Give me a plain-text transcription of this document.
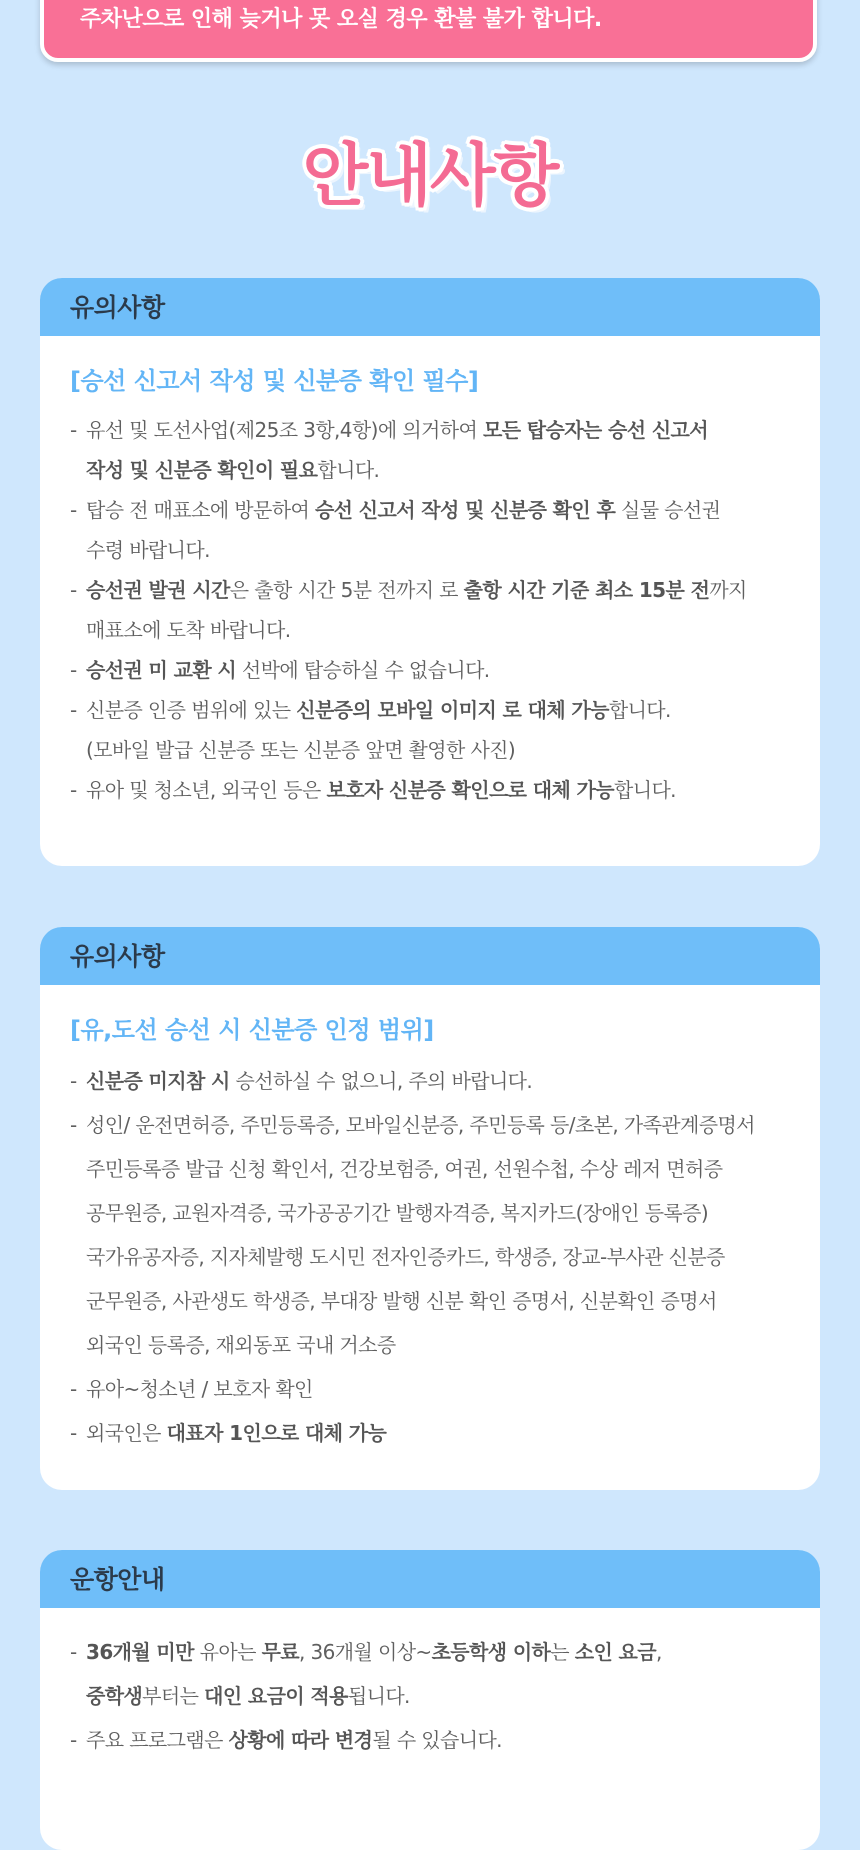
주차난으로 인해 늦거나 못 오실 경우 환불 불가 합니다.
안내사항
유의사항
[승선 신고서 작성 및 신분증 확인 필수]
- 유선 및 도선사업(제25조 3항,4항)에 의거하여 모든 탑승자는 승선 신고서
작성 및 신분증 확인이 필요합니다.
- 탑승 전 매표소에 방문하여 승선 신고서 작성 및 신분증 확인 후 실물 승선권
수령 바랍니다.
- 승선권 발권 시간은 출항 시간 5분 전까지 로 출항 시간 기준 최소 15분 전까지
매표소에 도착 바랍니다.
- 승선권 미 교환 시 선박에 탑승하실 수 없습니다.
- 신분증 인증 범위에 있는 신분증의 모바일 이미지 로 대체 가능합니다.
(모바일 발급 신분증 또는 신분증 앞면 촬영한 사진)
- 유아 및 청소년, 외국인 등은 보호자 신분증 확인으로 대체 가능합니다.
유의사항
[유,도선 승선 시 신분증 인정 범위]
- 신분증 미지참 시 승선하실 수 없으니, 주의 바랍니다.
- 성인/ 운전면허증, 주민등록증, 모바일신분증, 주민등록 등/초본, 가족관계증명서
주민등록증 발급 신청 확인서, 건강보험증, 여권, 선원수첩, 수상 레저 면허증
공무원증, 교원자격증, 국가공공기간 발행자격증, 복지카드(장애인 등록증)
국가유공자증, 지자체발행 도시민 전자인증카드, 학생증, 장교-부사관 신분증
군무원증, 사관생도 학생증, 부대장 발행 신분 확인 증명서, 신분확인 증명서
외국인 등록증, 재외동포 국내 거소증
- 유아~청소년 / 보호자 확인
- 외국인은 대표자 1인으로 대체 가능
운항안내
- 36개월 미만 유아는 무료, 36개월 이상~초등학생 이하는 소인 요금,
중학생부터는 대인 요금이 적용됩니다.
- 주요 프로그램은 상황에 따라 변경될 수 있습니다.
